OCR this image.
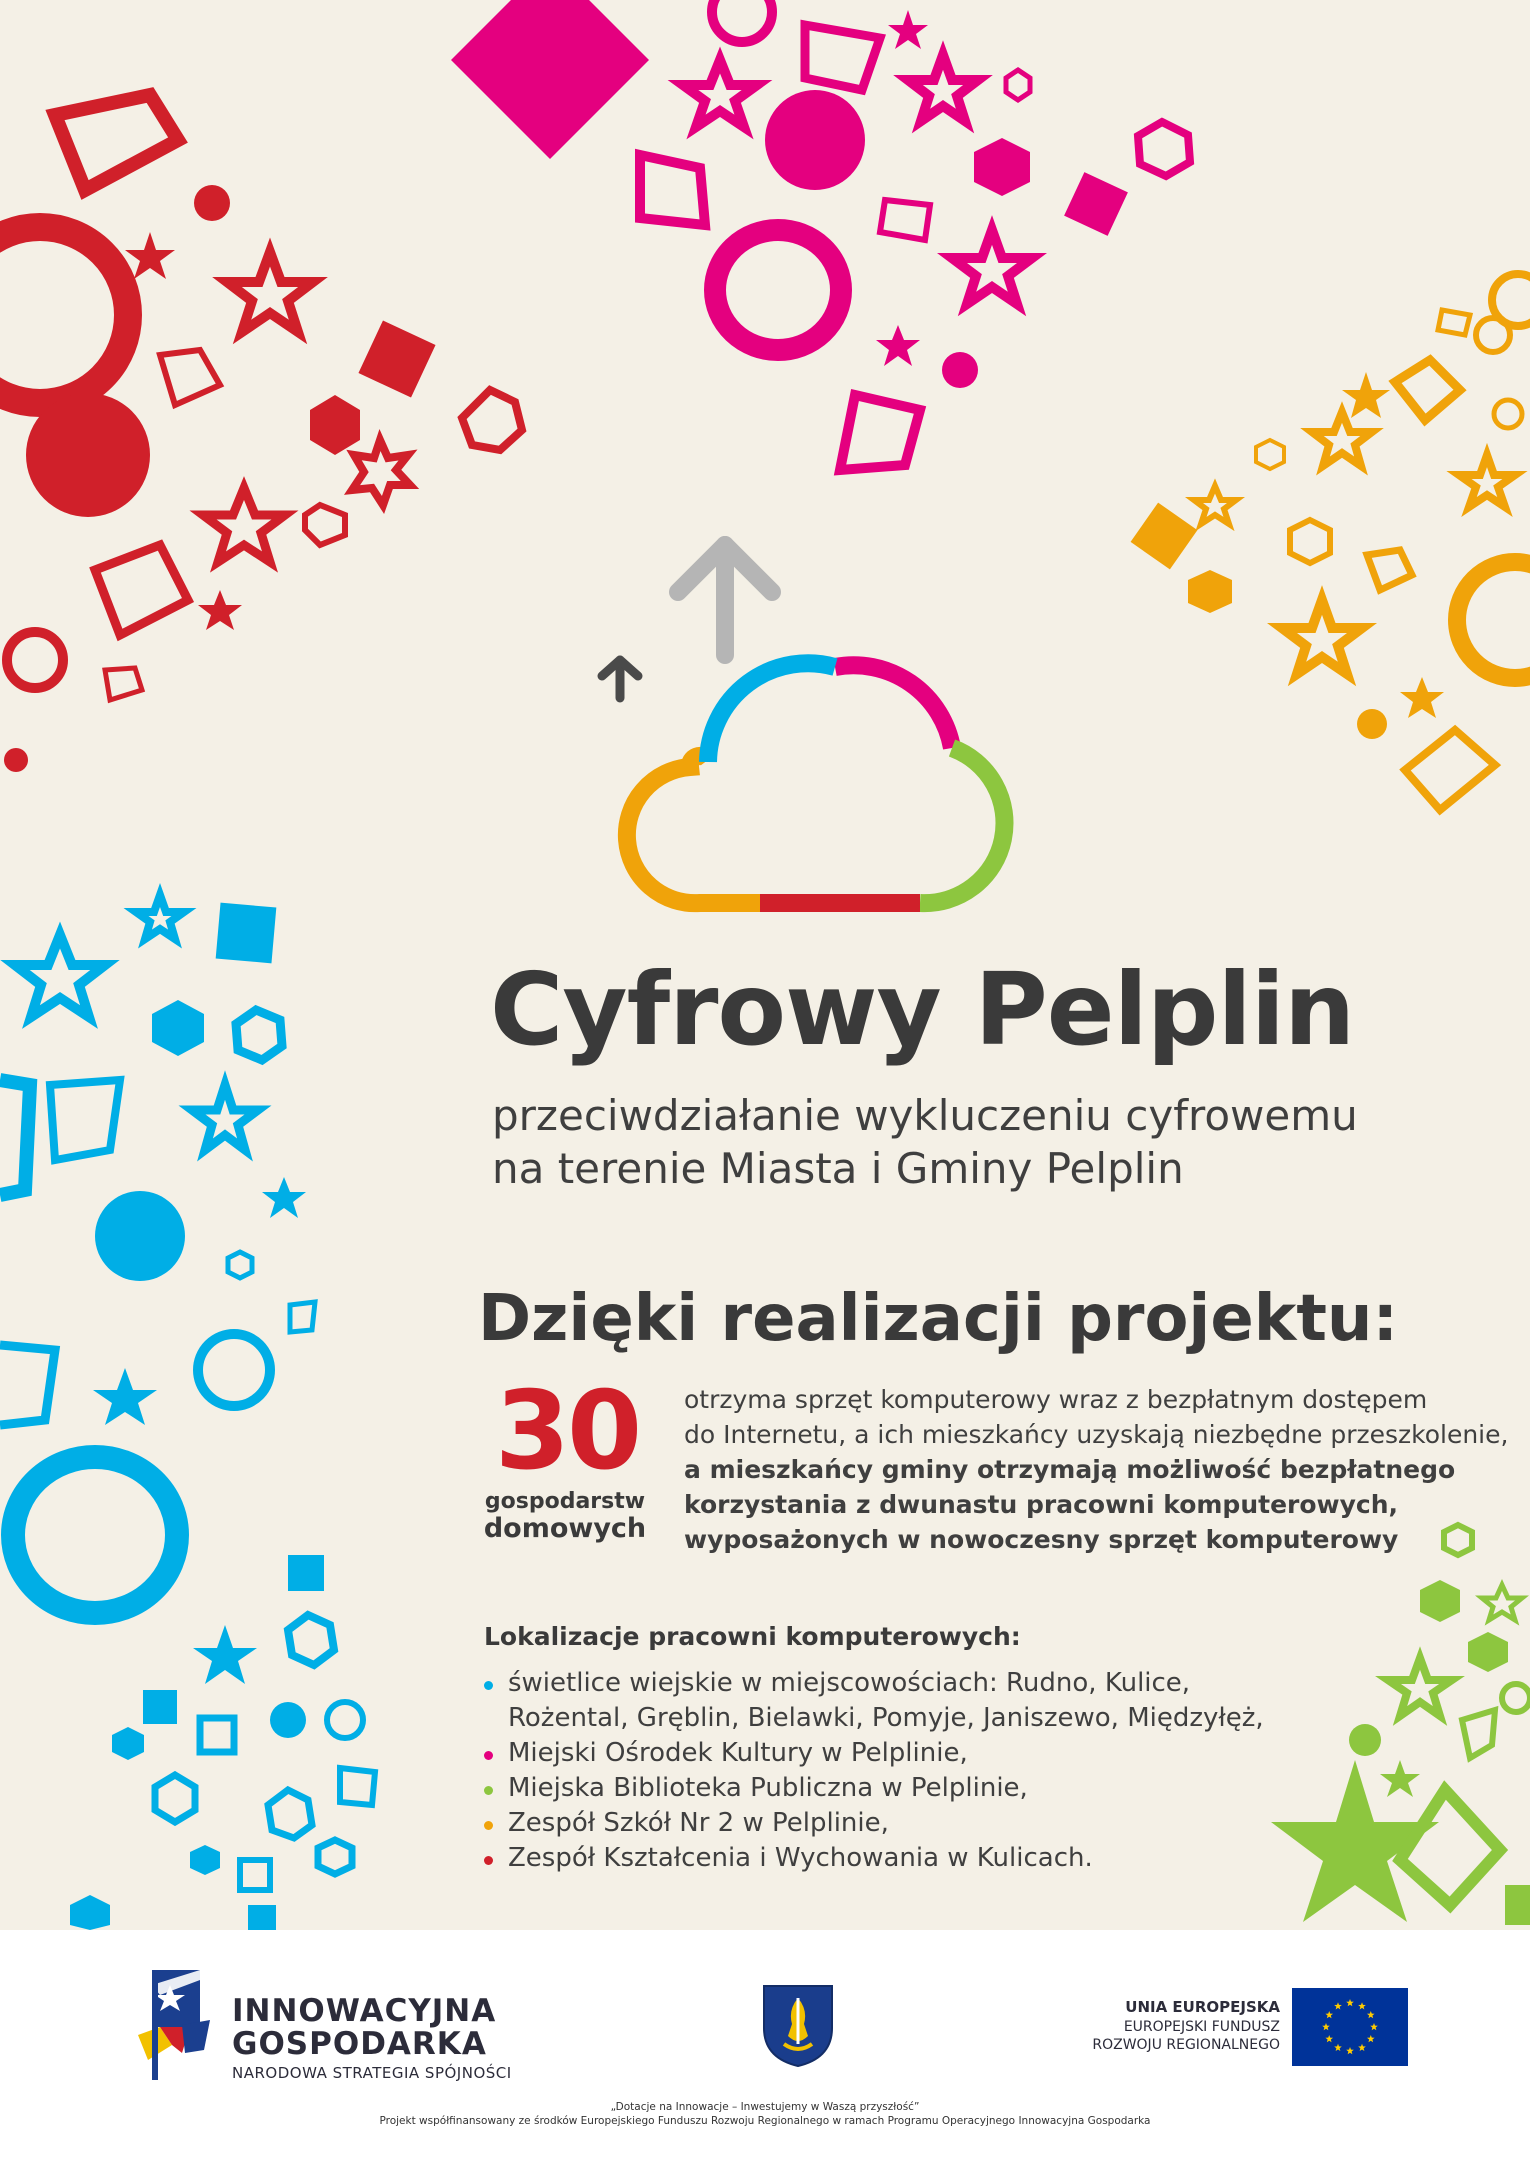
Cyfrowy Pelplin
przeciwdziałanie wykluczeniu cyfrowemu
na terenie Miasta i Gminy Pelplin
Dzięki realizacji projektu:
30
gospodarstw
domowych
otrzyma sprzęt komputerowy wraz z bezpłatnym dostępem
do Internetu, a ich mieszkańcy uzyskają niezbędne przeszkolenie,
a mieszkańcy gminy otrzymają możliwość bezpłatnego
korzystania z dwunastu pracowni komputerowych,
wyposażonych w nowoczesny sprzęt komputerowy
Lokalizacje pracowni komputerowych:
świetlice wiejskie w miejscowościach: Rudno, Kulice,
Rożental, Gręblin, Bielawki, Pomyje, Janiszewo, Międzyłęż,
Miejski Ośrodek Kultury w Pelplinie,
Miejska Biblioteka Publiczna w Pelplinie,
Zespół Szkół Nr 2 w Pelplinie,
Zespół Kształcenia i Wychowania w Kulicach.
INNOWACYJNA
GOSPODARKA
NARODOWA STRATEGIA SPÓJNOŚCI
UNIA EUROPEJSKA
EUROPEJSKI FUNDUSZ
ROZWOJU REGIONALNEGO
„Dotacje na Innowacje – Inwestujemy w Waszą przyszłość”
Projekt współfinansowany ze środków Europejskiego Funduszu Rozwoju Regionalnego w ramach Programu Operacyjnego Innowacyjna Gospodarka
